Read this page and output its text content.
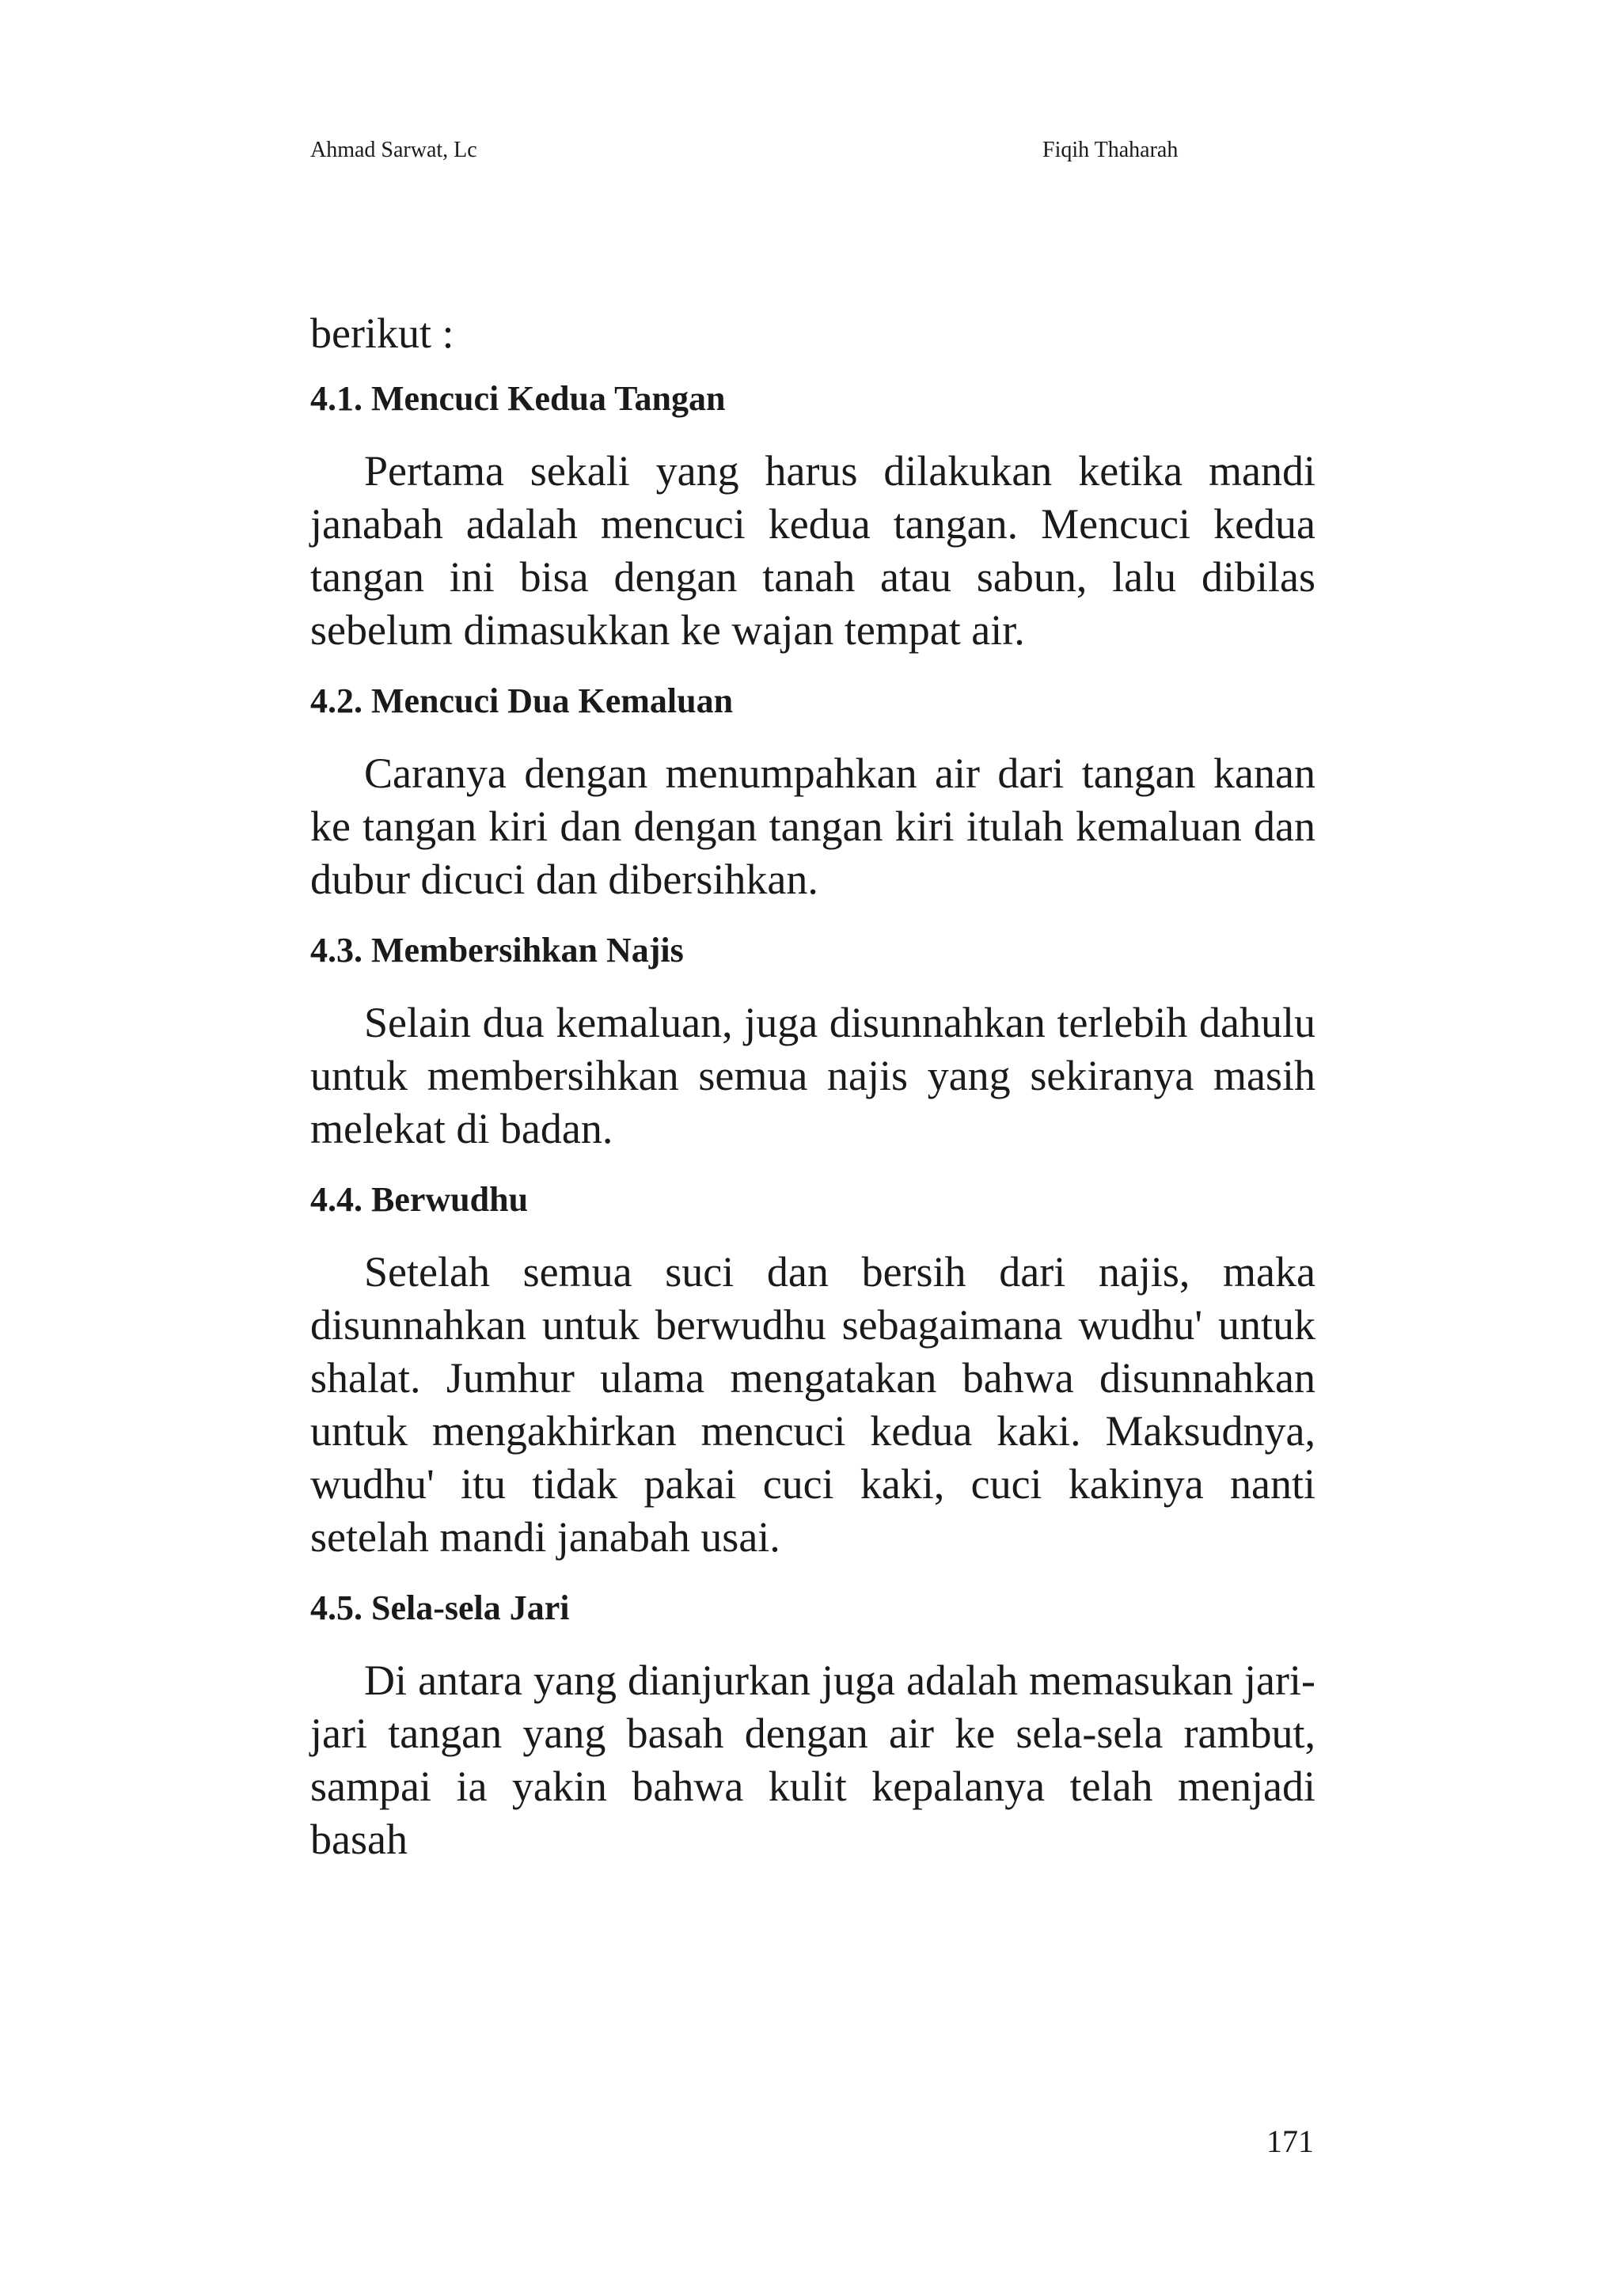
Ahmad Sarwat, Lc	Fiqih Thaharah
berikut :
4.1. Mencuci Kedua Tangan

Pertama sekali yang harus dilakukan ketika mandi janabah adalah mencuci kedua tangan. Mencuci kedua tangan ini bisa dengan tanah atau sabun, lalu dibilas sebelum dimasukkan ke wajan tempat air.

4.2. Mencuci Dua Kemaluan

Caranya dengan menumpahkan air dari tangan kanan ke tangan kiri dan dengan tangan kiri itulah kemaluan dan dubur dicuci dan dibersihkan.

4.3. Membersihkan Najis

Selain dua kemaluan, juga disunnahkan terlebih dahulu untuk membersihkan semua najis yang sekiranya masih melekat di badan.

4.4. Berwudhu

Setelah semua suci dan bersih dari najis, maka disunnahkan untuk berwudhu sebagaimana wudhu' untuk shalat. Jumhur ulama mengatakan bahwa disunnahkan untuk mengakhirkan mencuci kedua kaki. Maksudnya, wudhu' itu tidak pakai cuci kaki, cuci kakinya nanti setelah mandi janabah usai.

4.5. Sela-sela Jari

Di antara yang dianjurkan juga adalah memasukan jari-jari tangan yang basah dengan air ke sela-sela rambut, sampai ia yakin bahwa kulit kepalanya telah menjadi basah

171
